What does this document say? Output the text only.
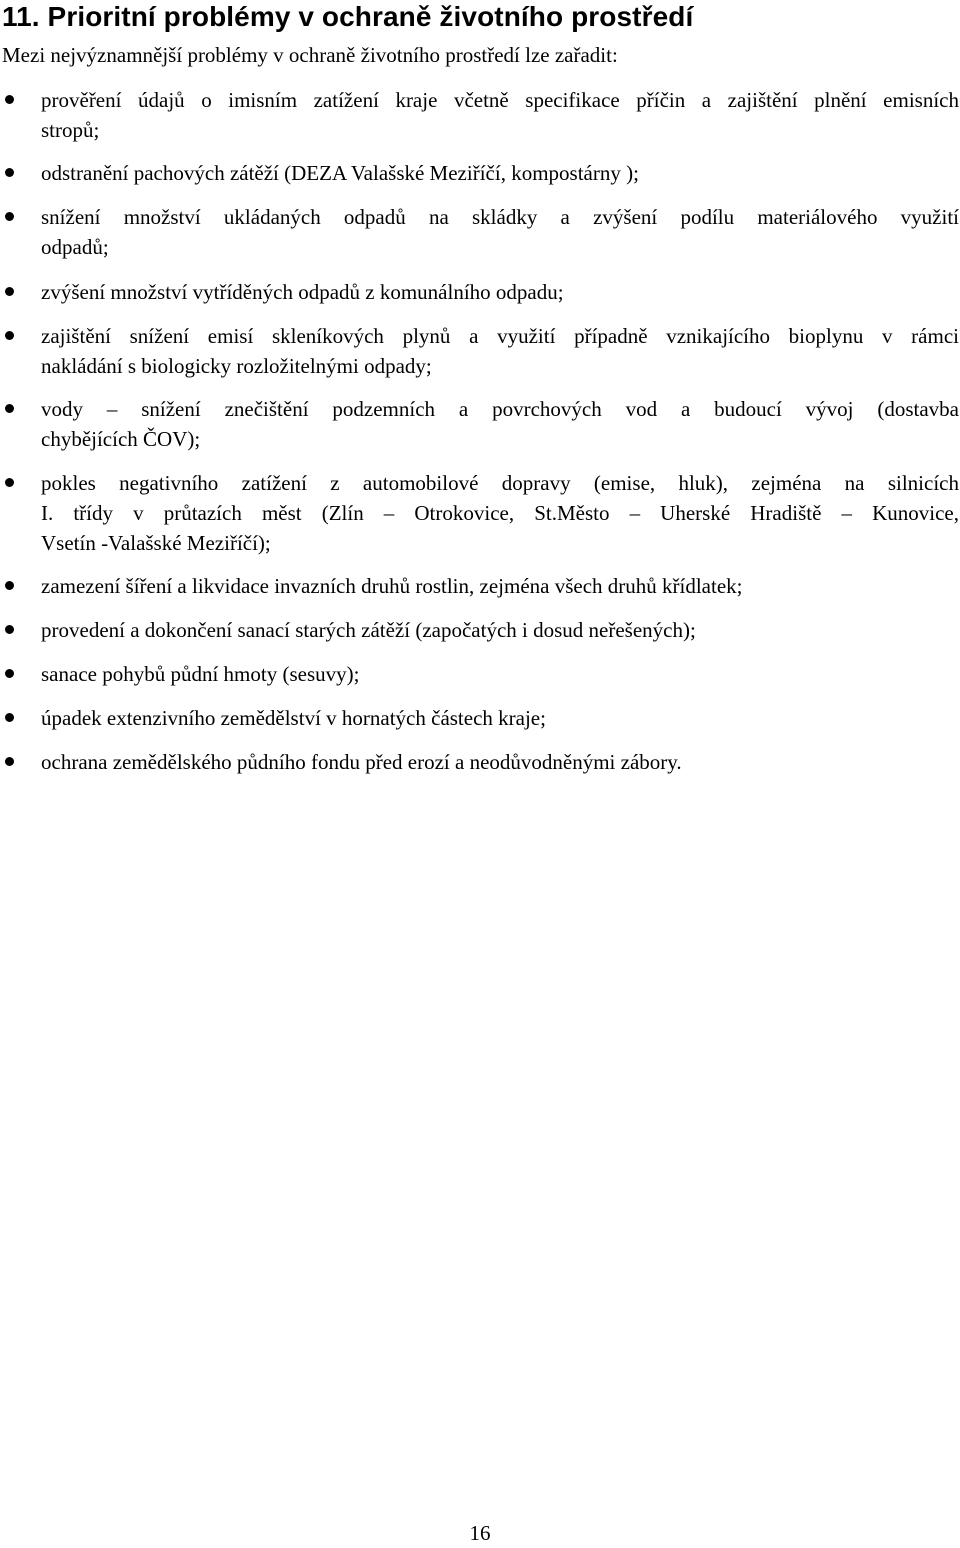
11. Prioritní problémy v ochraně životního prostředí

Mezi nejvýznamnější problémy v ochraně životního prostředí lze zařadit:

prověření údajů o imisním zatížení kraje včetně specifikace příčin a zajištění plnění emisních
stropů;
odstranění pachových zátěží (DEZA Valašské Meziříčí, kompostárny );
snížení množství ukládaných odpadů na skládky a zvýšení podílu materiálového využití
odpadů;
zvýšení množství vytříděných odpadů z komunálního odpadu;
zajištění snížení emisí skleníkových plynů a využití případně vznikajícího bioplynu v rámci
nakládání s biologicky rozložitelnými odpady;
vody – snížení znečištění podzemních a povrchových vod a budoucí vývoj (dostavba
chybějících ČOV);
pokles negativního zatížení z automobilové dopravy (emise, hluk), zejména na silnicích
I. třídy v průtazích měst (Zlín – Otrokovice, St.Město – Uherské Hradiště – Kunovice,
Vsetín -Valašské Meziříčí);
zamezení šíření a likvidace invazních druhů rostlin, zejména všech druhů křídlatek;
provedení a dokončení sanací starých zátěží (započatých i dosud neřešených);
sanace pohybů půdní hmoty (sesuvy);
úpadek extenzivního zemědělství v hornatých částech kraje;
ochrana zemědělského půdního fondu před erozí a neodůvodněnými zábory.
16
